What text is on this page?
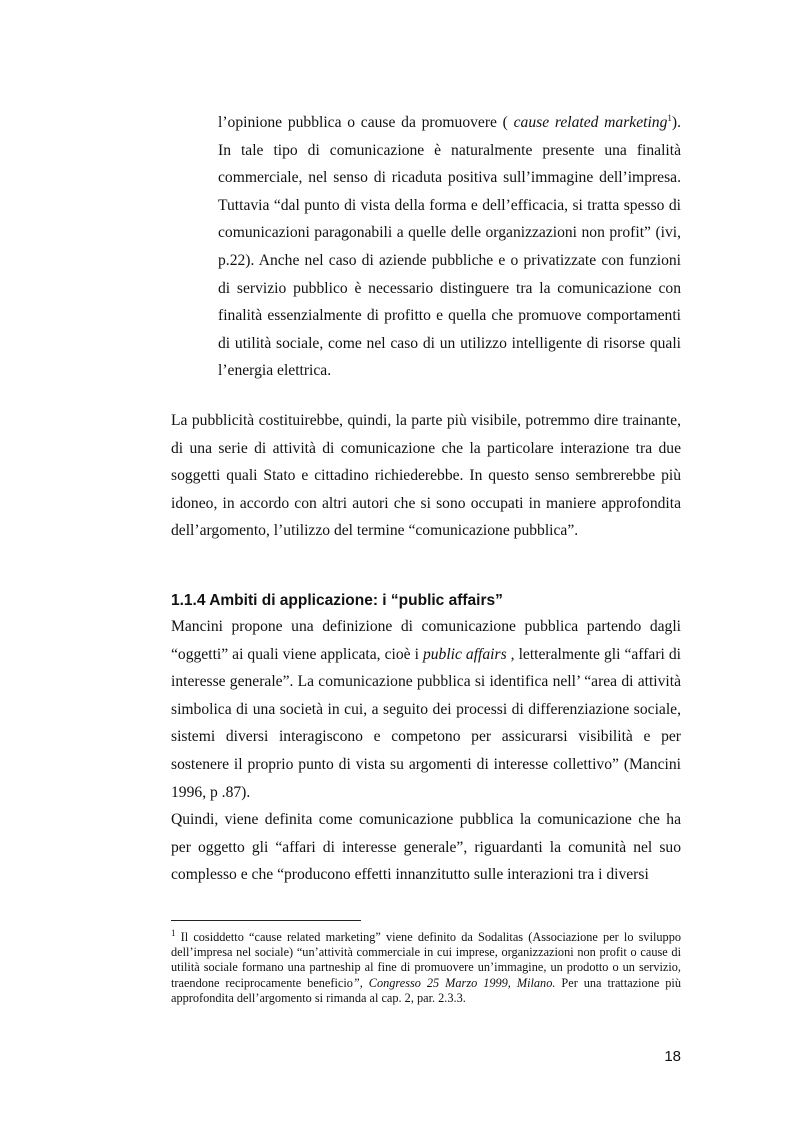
l’opinione pubblica o cause da promuovere ( cause related marketing$^1$). In tale tipo di comunicazione è naturalmente presente una finalità commerciale, nel senso di ricaduta positiva sull’immagine dell’impresa. Tuttavia “dal punto di vista della forma e dell’efficacia, si tratta spesso di comunicazioni paragonabili a quelle delle organizzazioni non profit” (ivi, p.22). Anche nel caso di aziende pubbliche e o privatizzate con funzioni di servizio pubblico è necessario distinguere tra la comunicazione con finalità essenzialmente di profitto e quella che promuove comportamenti di utilità sociale, come nel caso di un utilizzo intelligente di risorse quali l’energia elettrica.

La pubblicità costituirebbe, quindi, la parte più visibile, potremmo dire trainante, di una serie di attività di comunicazione che la particolare interazione tra due soggetti quali Stato e cittadino richiederebbe. In questo senso sembrerebbe più idoneo, in accordo con altri autori che si sono occupati in maniere approfondita dell’argomento, l’utilizzo del termine “comunicazione pubblica”.

1.1.4 Ambiti di applicazione: i “public affairs”

Mancini propone una definizione di comunicazione pubblica partendo dagli “oggetti” ai quali viene applicata, cioè i public affairs , letteralmente gli “affari di interesse generale”. La comunicazione pubblica si identifica nell’ “area di attività simbolica di una società in cui, a seguito dei processi di differenziazione sociale, sistemi diversi interagiscono e competono per assicurarsi visibilità e per sostenere il proprio punto di vista su argomenti di interesse collettivo” (Mancini 1996, p .87).

Quindi, viene definita come comunicazione pubblica la comunicazione che ha per oggetto gli “affari di interesse generale”, riguardanti la comunità nel suo complesso e che “producono effetti innanzitutto sulle interazioni tra i diversi

$^1$ Il cosiddetto “cause related marketing” viene definito da Sodalitas (Associazione per lo sviluppo dell’impresa nel sociale) “un’attività commerciale in cui imprese, organizzazioni non profit o cause di utilità sociale formano una partneship al fine di promuovere un’immagine, un prodotto o un servizio, traendone reciprocamente beneficio”, Congresso 25 Marzo 1999, Milano. Per una trattazione più approfondita dell’argomento si rimanda al cap. 2, par. 2.3.3.

18
